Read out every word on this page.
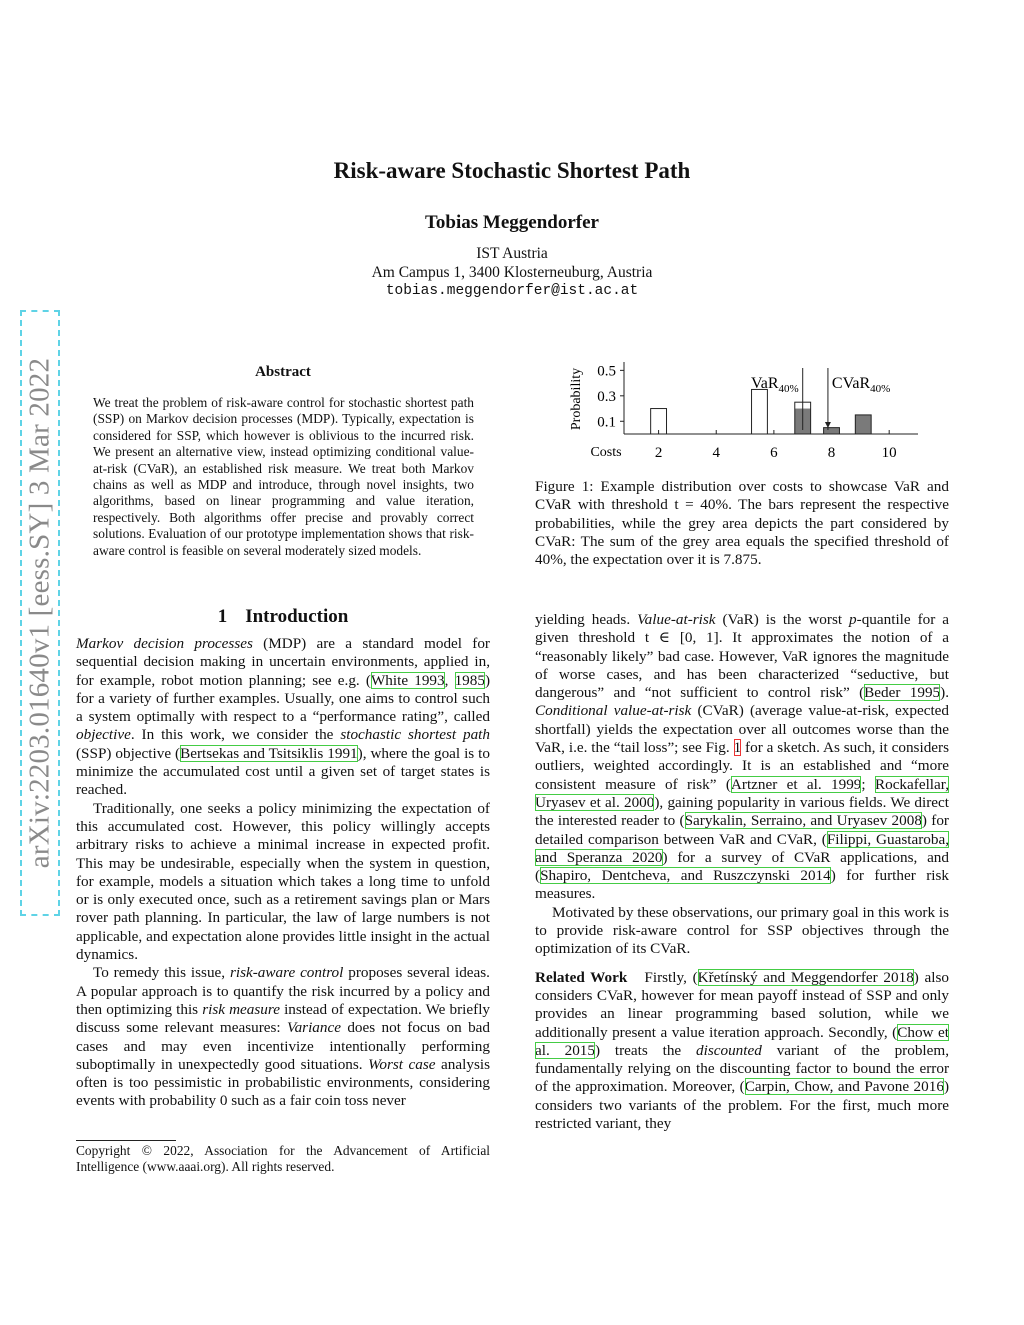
Risk-aware Stochastic Shortest Path
Tobias Meggendorfer
IST Austria
Am Campus 1, 3400 Klosterneuburg, Austria
tobias.meggendorfer@ist.ac.at
arXiv:2203.01640v1 [eess.SY] 3 Mar 2022	Abstract
We treat the problem of risk-aware control for stochastic shortest path (SSP) on Markov decision processes (MDP). Typically, expectation is considered for SSP, which however is oblivious to the incurred risk. We present an alternative view, instead optimizing conditional value-at-risk (CVaR), an established risk measure. We treat both Markov chains as well as MDP and introduce, through novel insights, two algorithms, based on linear programming and value iteration, respectively. Both algorithms offer precise and provably correct solutions. Evaluation of our prototype implementation shows that risk-aware control is feasible on several moderately sized models.
1 Introduction

Markov decision processes (MDP) are a standard model for sequential decision making in uncertain environments, applied in, for example, robot motion planning; see e.g. (White 1993, 1985) for a variety of further examples. Usually, one aims to control such a system optimally with respect to a “performance rating”, called objective. In this work, we consider the stochastic shortest path (SSP) objective (Bertsekas and Tsitsiklis 1991), where the goal is to minimize the accumulated cost until a given set of target states is reached.

Traditionally, one seeks a policy minimizing the expectation of this accumulated cost. However, this policy willingly accepts arbitrary risks to achieve a minimal increase in expected profit. This may be undesirable, especially when the system in question, for example, models a situation which takes a long time to unfold or is only executed once, such as a retirement savings plan or Mars rover path planning. In particular, the law of large numbers is not applicable, and expectation alone provides little insight in the actual dynamics.

To remedy this issue, risk-aware control proposes several ideas. A popular approach is to quantify the risk incurred by a policy and then optimizing this risk measure instead of expectation. We briefly discuss some relevant measures: Variance does not focus on bad cases and may even incentivize intentionally performing suboptimally in unexpectedly good situations. Worst case analysis often is too pessimistic in probabilistic environments, considering events with probability 0 such as a fair coin toss never

Copyright © 2022, Association for the Advancement of Artificial Intelligence (www.aaai.org). All rights reserved.
0.1
0.3
0.5
2	4	6	8	10
Costs
Probability	VaR$_{40\%}$ CVaR$_{40\%}$
Figure 1: Example distribution over costs to showcase VaR and CVaR with threshold t = 40%. The bars represent the respective probabilities, while the grey area depicts the part considered by CVaR: The sum of the grey area equals the specified threshold of 40%, the expectation over it is 7.875.

yielding heads. Value-at-risk (VaR) is the worst p-quantile for a given threshold t ∈ [0, 1]. It approximates the notion of a “reasonably likely” bad case. However, VaR ignores the magnitude of worse cases, and has been characterized “seductive, but dangerous” and “not sufficient to control risk” (Beder 1995). Conditional value-at-risk (CVaR) (average value-at-risk, expected shortfall) yields the expectation over all outcomes worse than the VaR, i.e. the “tail loss”; see Fig. 1 for a sketch. As such, it considers outliers, weighted accordingly. It is an established and “more consistent measure of risk” (Artzner et al. 1999; Rockafellar, Uryasev et al. 2000), gaining popularity in various fields. We direct the interested reader to (Sarykalin, Serraino, and Uryasev 2008) for detailed comparison between VaR and CVaR, (Filippi, Guastaroba, and Speranza 2020) for a survey of CVaR applications, and (Shapiro, Dentcheva, and Ruszczynski 2014) for further risk measures.

Motivated by these observations, our primary goal in this work is to provide risk-aware control for SSP objectives through the optimization of its CVaR.

Related Work   Firstly, (Křetínský and Meggendorfer 2018) also considers CVaR, however for mean payoff instead of SSP and only provides an linear programming based solution, while we additionally present a value iteration approach. Secondly, (Chow et al. 2015) treats the discounted variant of the problem, fundamentally relying on the discounting factor to bound the error of the approximation. Moreover, (Carpin, Chow, and Pavone 2016) considers two variants of the problem. For the first, much more restricted variant, they
